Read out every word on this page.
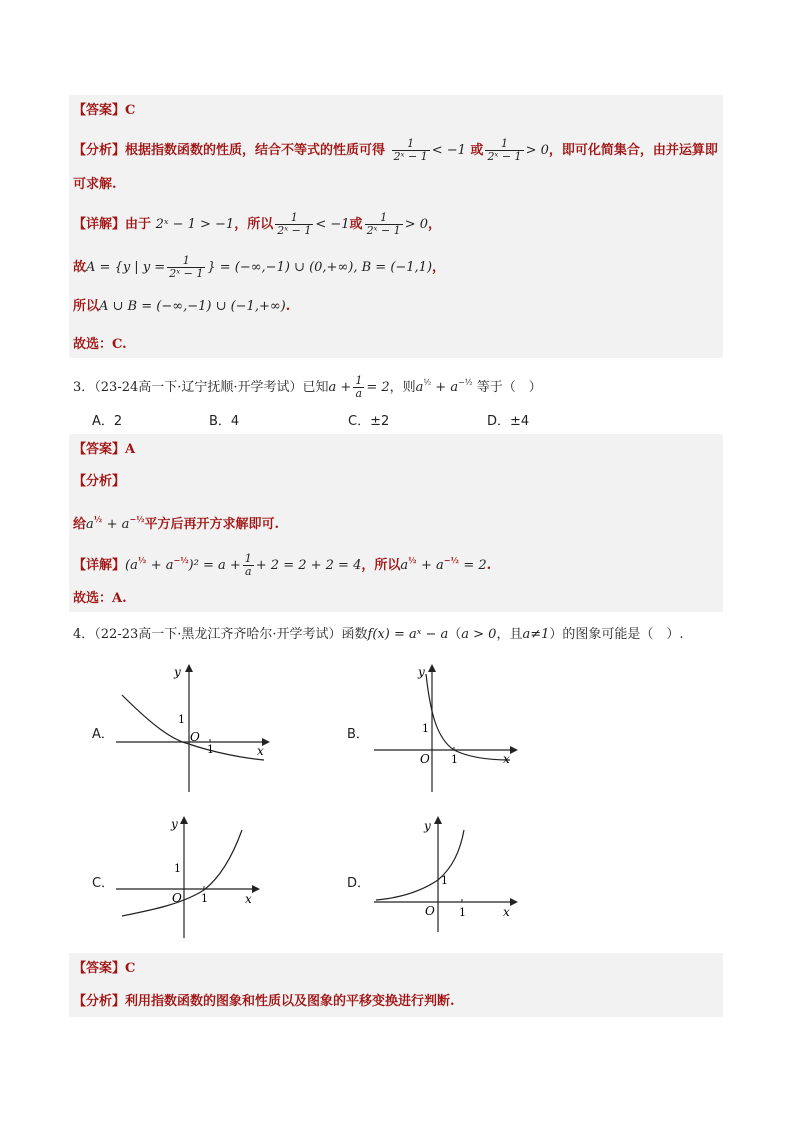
【答案】C
【分析】根据指数函数的性质，结合不等式的性质可得 $\frac{1}{\text{2ˣ − 1}} < -1$ 或 $\frac{1}{\text{2ˣ − 1}} > 0$，即可化简集合，由并运算即
可求解.
【详解】由于 2ˣ − 1 > −1，所以 $\frac{1}{\text{2ˣ − 1}} < -1$或 $\frac{1}{\text{2ˣ − 1}} > 0$，
故A = {y | $y = \frac{1}{\text{2ˣ − 1}}$ } = (−∞,−1) ∪ (0,+∞), B = (−1,1)，
所以A ∪ B = (−∞,−1) ∪ (−1,+∞).
故选：C.
3．（23-24高一下·辽宁抚顺·开学考试）已知$a + \frac{1}{a} = 2$，则$a^{\frac{1}{2}} + a^{-\frac{1}{2}}$ 等于（　）
A．2	B．4	C．±2	D．±4
【答案】A
【分析】
给$a^{\frac{1}{2}} + a^{-\frac{1}{2}}$平方后再开方求解即可.
【详解】$(a^{\frac{1}{2}} + a^{-\frac{1}{2}})^2 = a + \frac{1}{a} + 2 = 2 + 2 = 4$，所以$a^{\frac{1}{2}} + a^{-\frac{1}{2}} = 2$.
故选：A.
4．（22-23高一下·黑龙江齐齐哈尔·开学考试）函数f(x) = aˣ − a（a > 0，且a≠1）的图象可能是（　）.
A．	B．
C．	D．
y
x
O
1
1
y
x
O
1
1
y
x
O
1
1
y
x
O
1
1
【答案】C
【分析】利用指数函数的图象和性质以及图象的平移变换进行判断.
